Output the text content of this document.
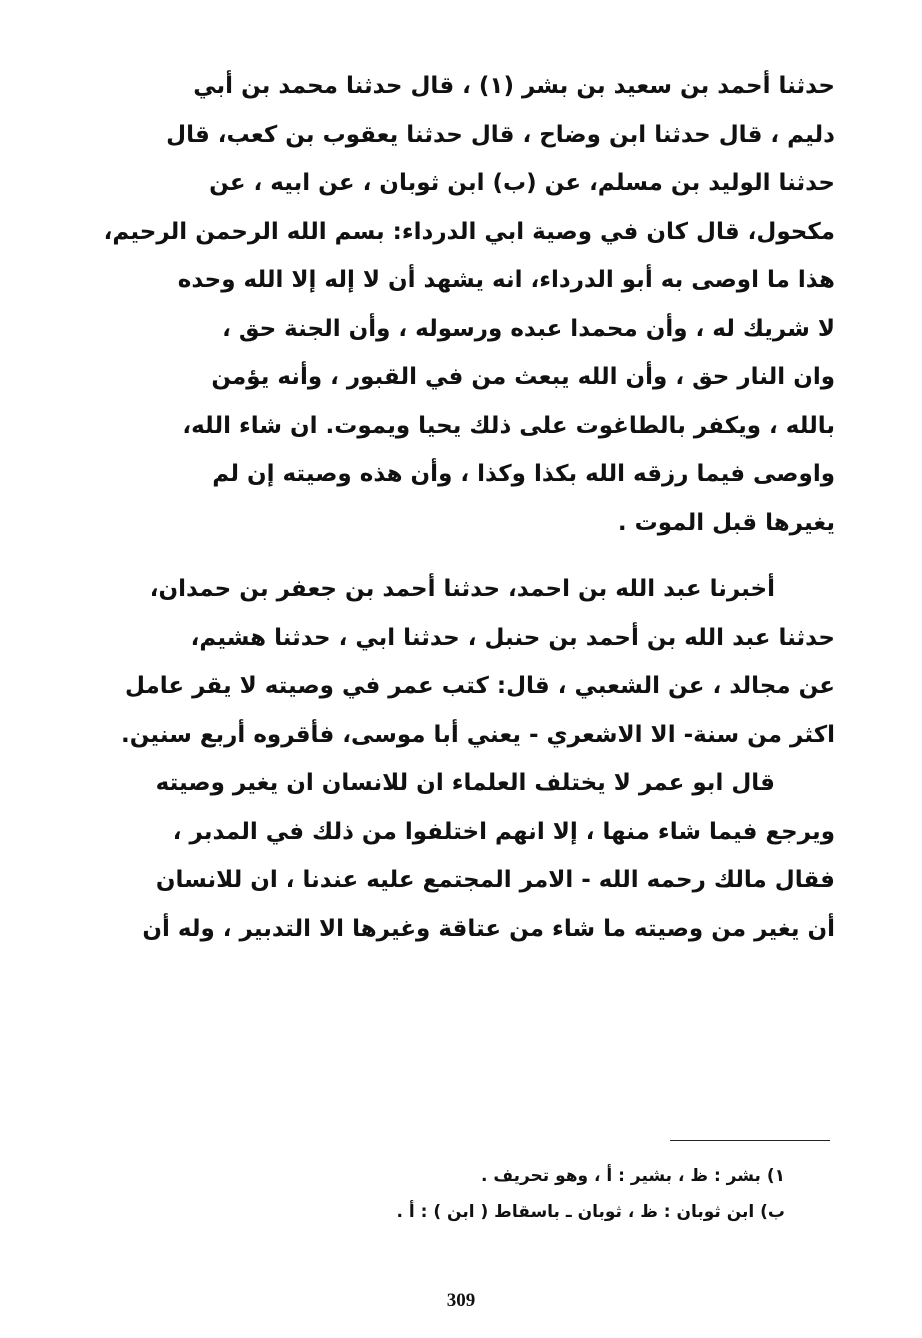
حدثنا أحمد بن سعيد بن بشر (١) ، قال حدثنا محمد بن أبي
دليم ، قال حدثنا ابن وضاح ، قال حدثنا يعقوب بن كعب، قال
حدثنا الوليد بن مسلم، عن (ب) ابن ثوبان ، عن ابيه ، عن
مكحول، قال كان في وصية ابي الدرداء: بسم الله الرحمن الرحيم،
هذا ما اوصى به أبو الدرداء، انه يشهد أن لا إله إلا الله وحده
لا شريك له ، وأن محمدا عبده ورسوله ، وأن الجنة حق ،
وان النار حق ، وأن الله يبعث من في القبور ، وأنه يؤمن
بالله ، ويكفر بالطاغوت على ذلك يحيا ويموت. ان شاء الله،
واوصى فيما رزقه الله بكذا وكذا ، وأن هذه وصيته إن لم
يغيرها قبل الموت .
أخبرنا عبد الله بن احمد، حدثنا أحمد بن جعفر بن حمدان،
حدثنا عبد الله بن أحمد بن حنبل ، حدثنا ابي ، حدثنا هشيم،
عن مجالد ، عن الشعبي ، قال: كتب عمر في وصيته لا يقر عامل
اكثر من سنة- الا الاشعري - يعني أبا موسى، فأقروه أربع سنين.
قال ابو عمر لا يختلف العلماء ان للانسان ان يغير وصيته
ويرجع فيما شاء منها ، إلا انهم اختلفوا من ذلك في المدبر ،
فقال مالك رحمه الله - الامر المجتمع عليه عندنا ، ان للانسان
أن يغير من وصيته ما شاء من عتاقة وغيرها الا التدبير ، وله أن
١) بشر : ظ ، بشير : أ ، وهو تحريف .
ب) ابن ثوبان : ظ ، ثوبان ـ باسقاط ( ابن ) : أ .
309
